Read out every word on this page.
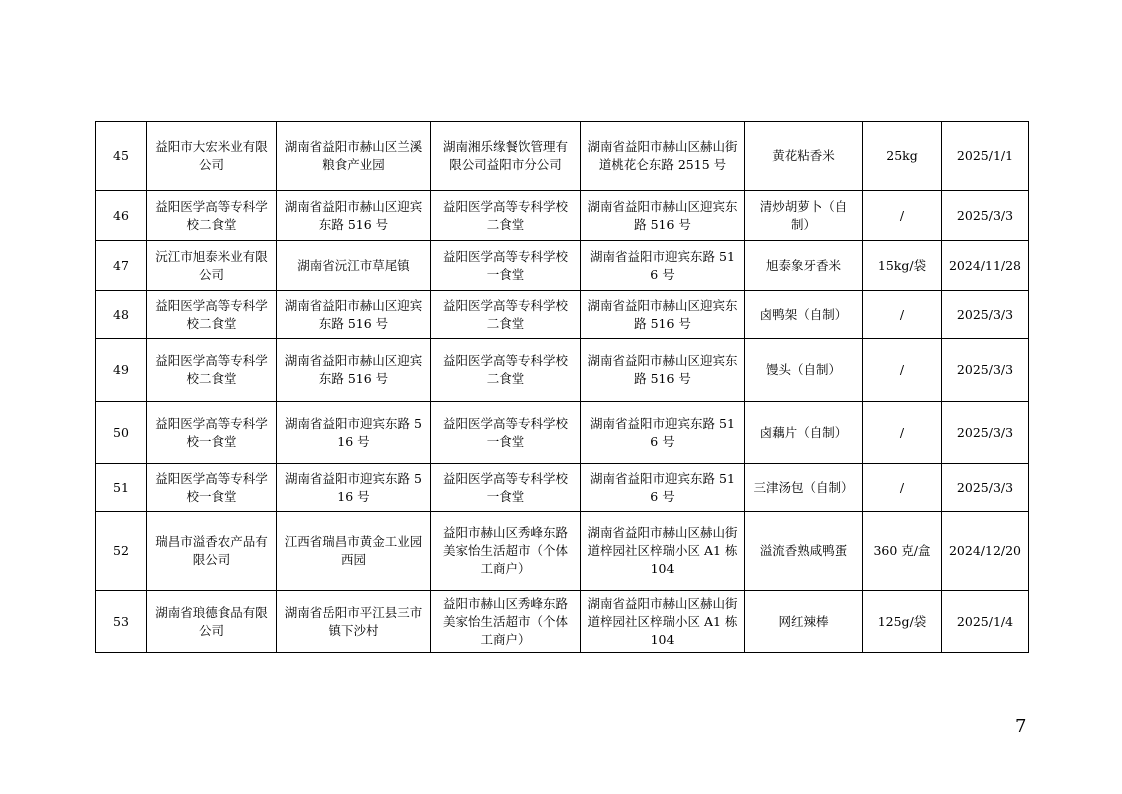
45	益阳市大宏米业有限公司	湖南省益阳市赫山区兰溪粮食产业园	湖南湘乐缘餐饮管理有限公司益阳市分公司	湖南省益阳市赫山区赫山街道桃花仑东路 2515 号	黄花粘香米	25kg	2025/1/1
46	益阳医学高等专科学校二食堂	湖南省益阳市赫山区迎宾东路 516 号	益阳医学高等专科学校二食堂	湖南省益阳市赫山区迎宾东路 516 号	清炒胡萝卜（自制）	/	2025/3/3
47	沅江市旭泰米业有限公司	湖南省沅江市草尾镇	益阳医学高等专科学校一食堂	湖南省益阳市迎宾东路 516 号	旭泰象牙香米	15kg/袋	2024/11/28
48	益阳医学高等专科学校二食堂	湖南省益阳市赫山区迎宾东路 516 号	益阳医学高等专科学校二食堂	湖南省益阳市赫山区迎宾东路 516 号	卤鸭架（自制）	/	2025/3/3
49	益阳医学高等专科学校二食堂	湖南省益阳市赫山区迎宾东路 516 号	益阳医学高等专科学校二食堂	湖南省益阳市赫山区迎宾东路 516 号	馒头（自制）	/	2025/3/3
50	益阳医学高等专科学校一食堂	湖南省益阳市迎宾东路 516 号	益阳医学高等专科学校一食堂	湖南省益阳市迎宾东路 516 号	卤藕片（自制）	/	2025/3/3
51	益阳医学高等专科学校一食堂	湖南省益阳市迎宾东路 516 号	益阳医学高等专科学校一食堂	湖南省益阳市迎宾东路 516 号	三津汤包（自制）	/	2025/3/3
52	瑞昌市溢香农产品有限公司	江西省瑞昌市黄金工业园西园	益阳市赫山区秀峰东路美家怡生活超市（个体工商户）	湖南省益阳市赫山区赫山街道梓园社区梓瑞小区 A1 栋 104	溢流香熟咸鸭蛋	360 克/盒	2024/12/20
53	湖南省琅德食品有限公司	湖南省岳阳市平江县三市镇下沙村	益阳市赫山区秀峰东路美家怡生活超市（个体工商户）	湖南省益阳市赫山区赫山街道梓园社区梓瑞小区 A1 栋 104	网红辣棒	125g/袋	2025/1/4
7
